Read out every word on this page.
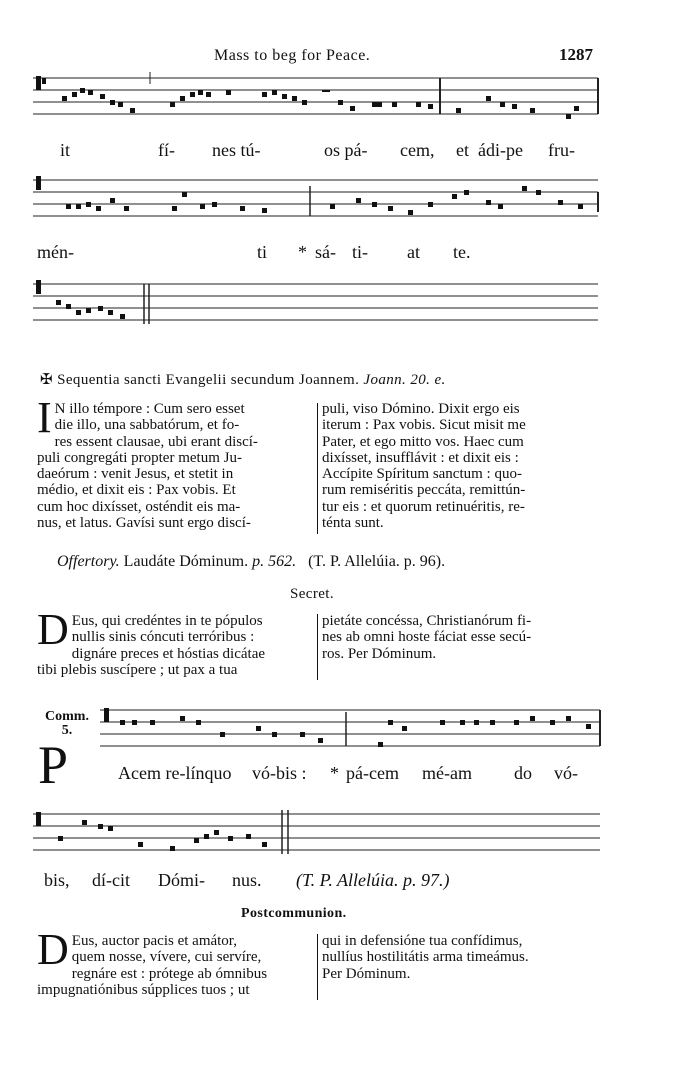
Mass to beg for Peace.	1287
it	fí- nes tú-	os pá- cem, et ádi-pe fru-
mén-	ti * sá- ti- at te.
✠ Sequentia sancti Evangelii secundum Joannem. Joann. 20. e.
I N illo témpore : Cum sero esset
die illo, una sabbatórum, et fo-
res essent clausae, ubi erant discí-
puli congregáti propter metum Ju-
daeórum : venit Jesus, et stetit in
médio, et dixit eis : Pax vobis. Et
cum hoc dixísset, osténdit eis ma-
nus, et latus. Gavísi sunt ergo discí-
puli, viso Dómino. Dixit ergo eis
iterum : Pax vobis. Sicut misit me
Pater, et ego mitto vos. Haec cum
dixísset, insufflávit : et dixit eis :
Accípite Spíritum sanctum : quo-
rum remiséritis peccáta, remittún-
tur eis : et quorum retinuéritis, re-
ténta sunt.
Offertory. Laudáte Dóminum. p. 562. (T. P. Allelúia. p. 96).
Secret.
D Eus, qui credéntes in te pópulos
nullis sinis cóncuti terróribus :
dignáre preces et hóstias dicátae
tibi plebis suscípere ; ut pax a tua
pietáte concéssa, Christianórum fi-
nes ab omni hoste fáciat esse secú-
ros. Per Dóminum.
Comm.
5.
P	Acem re-línquo vó-bis : * pá-cem mé-am do vó-
bis, dí-cit Dómi- nus. (T. P. Allelúia. p. 97.)
Postcommunion.
D Eus, auctor pacis et amátor,
quem nosse, vívere, cui servíre,
regnáre est : prótege ab ómnibus
impugnatiónibus súpplices tuos ; ut
qui in defensióne tua confídimus,
nullíus hostilitátis arma timeámus.
Per Dóminum.
